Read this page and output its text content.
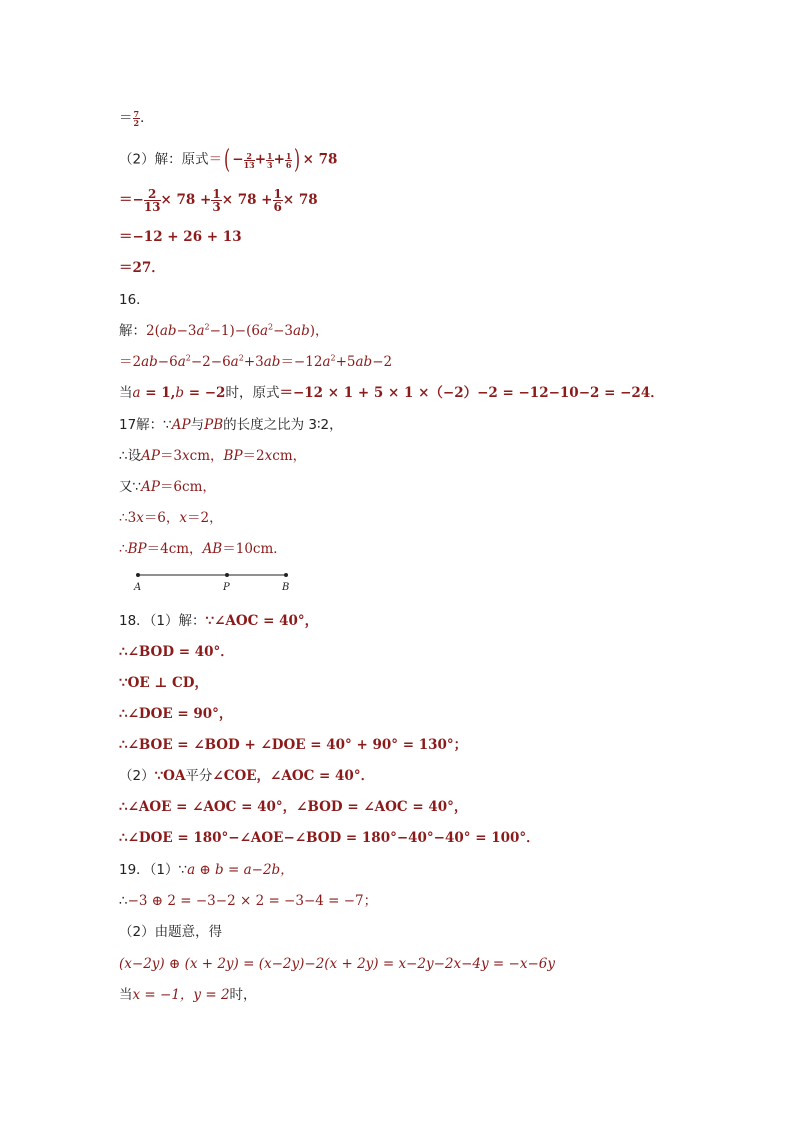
＝ $\frac{7}{2}$ ．
（2）解：原式＝( − $\frac{2}{13} + \frac{1}{3} + \frac{1}{6}$ ) × 78
＝− $\frac{2}{13} \times 78 + \frac{1}{3} \times 78 + \frac{1}{6} \times 78$
＝−12 + 26 + 13
＝27．
16．
解：$2(ab-3a^2-1)-(6a^2-3ab)$，
$=2ab-6a^2-2-6a^2+3ab=-12a^2+5ab-2$
当a = 1,b = −2时，原式＝−12 × 1 + 5 × 1 ×（−2）−2 = −12−10−2 = −24．
17解：∵AP与PB的长度之比为 3∶2，
∴设AP＝3xcm，BP＝2xcm，
又∵AP＝6cm，
∴3x＝6，x＝2，
∴BP＝4cm，AB＝10cm．
A	P	B
18．（1）解：∵∠AOC = 40°，
∴∠BOD = 40°．
∵OE ⊥ CD，
∴∠DOE = 90°，
∴∠BOE = ∠BOD + ∠DOE = 40° + 90° = 130°；
（2）∵OA平分∠COE，∠AOC = 40°．
∴∠AOE = ∠AOC = 40°，∠BOD = ∠AOC = 40°，
∴∠DOE = 180°−∠AOE−∠BOD = 180°−40°−40° = 100°．
19．（1）∵a ⊕ b = a−2b，
∴−3 ⊕ 2 = −3−2 × 2 = −3−4 = −7；
（2）由题意，得
(x−2y) ⊕ (x + 2y) = (x−2y)−2(x + 2y) = x−2y−2x−4y = −x−6y
当x = −1，y = 2时，
